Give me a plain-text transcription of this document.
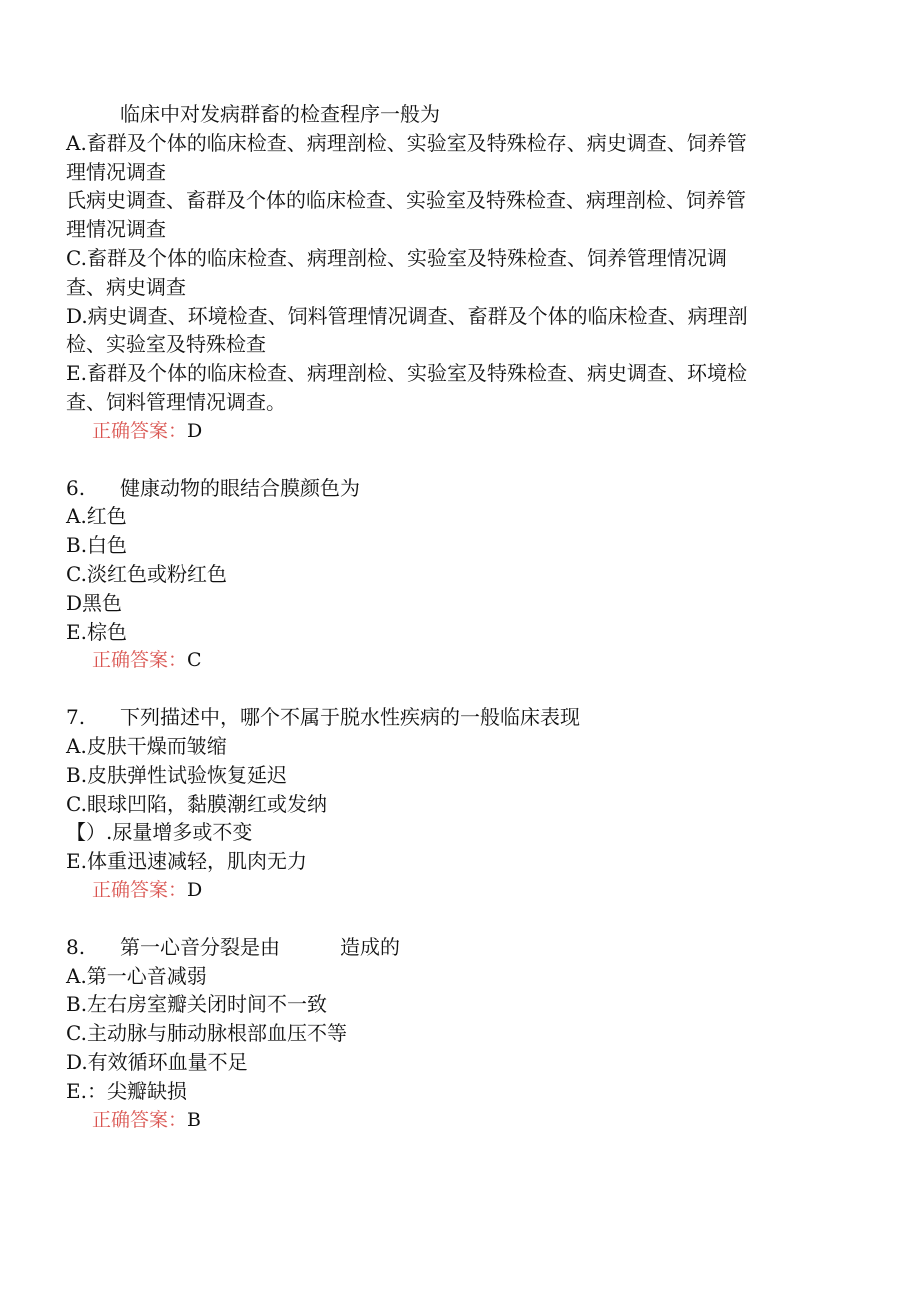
临床中对发病群畜的检查程序一般为
A.畜群及个体的临床检查、病理剖检、实验室及特殊检存、病史调查、饲养管
理情况调查
氏病史调查、畜群及个体的临床检查、实验室及特殊检查、病理剖检、饲养管
理情况调查
C.畜群及个体的临床检查、病理剖检、实验室及特殊检查、饲养管理情况调
查、病史调查
D.病史调查、环境检查、饲料管理情况调查、畜群及个体的临床检查、病理剖
检、实验室及特殊检查
E.畜群及个体的临床检查、病理剖检、实验室及特殊检查、病史调查、环境检
查、饲料管理情况调查。
正确答案：D
6.	健康动物的眼结合膜颜色为
A.红色
B.白色
C.淡红色或粉红色
D黑色
E.棕色
正确答案：C
7.	下列描述中，哪个不属于脱水性疾病的一般临床表现
A.皮肤干燥而皱缩
B.皮肤弹性试验恢复延迟
C.眼球凹陷，黏膜潮红或发纳
【）.尿量增多或不变
E.体重迅速减轻，肌肉无力
正确答案：D
8.	第一心音分裂是由　　　造成的
A.第一心音减弱
B.左右房室瓣关闭时间不一致
C.主动脉与肺动脉根部血压不等
D.有效循环血量不足
E.：尖瓣缺损
正确答案：B
